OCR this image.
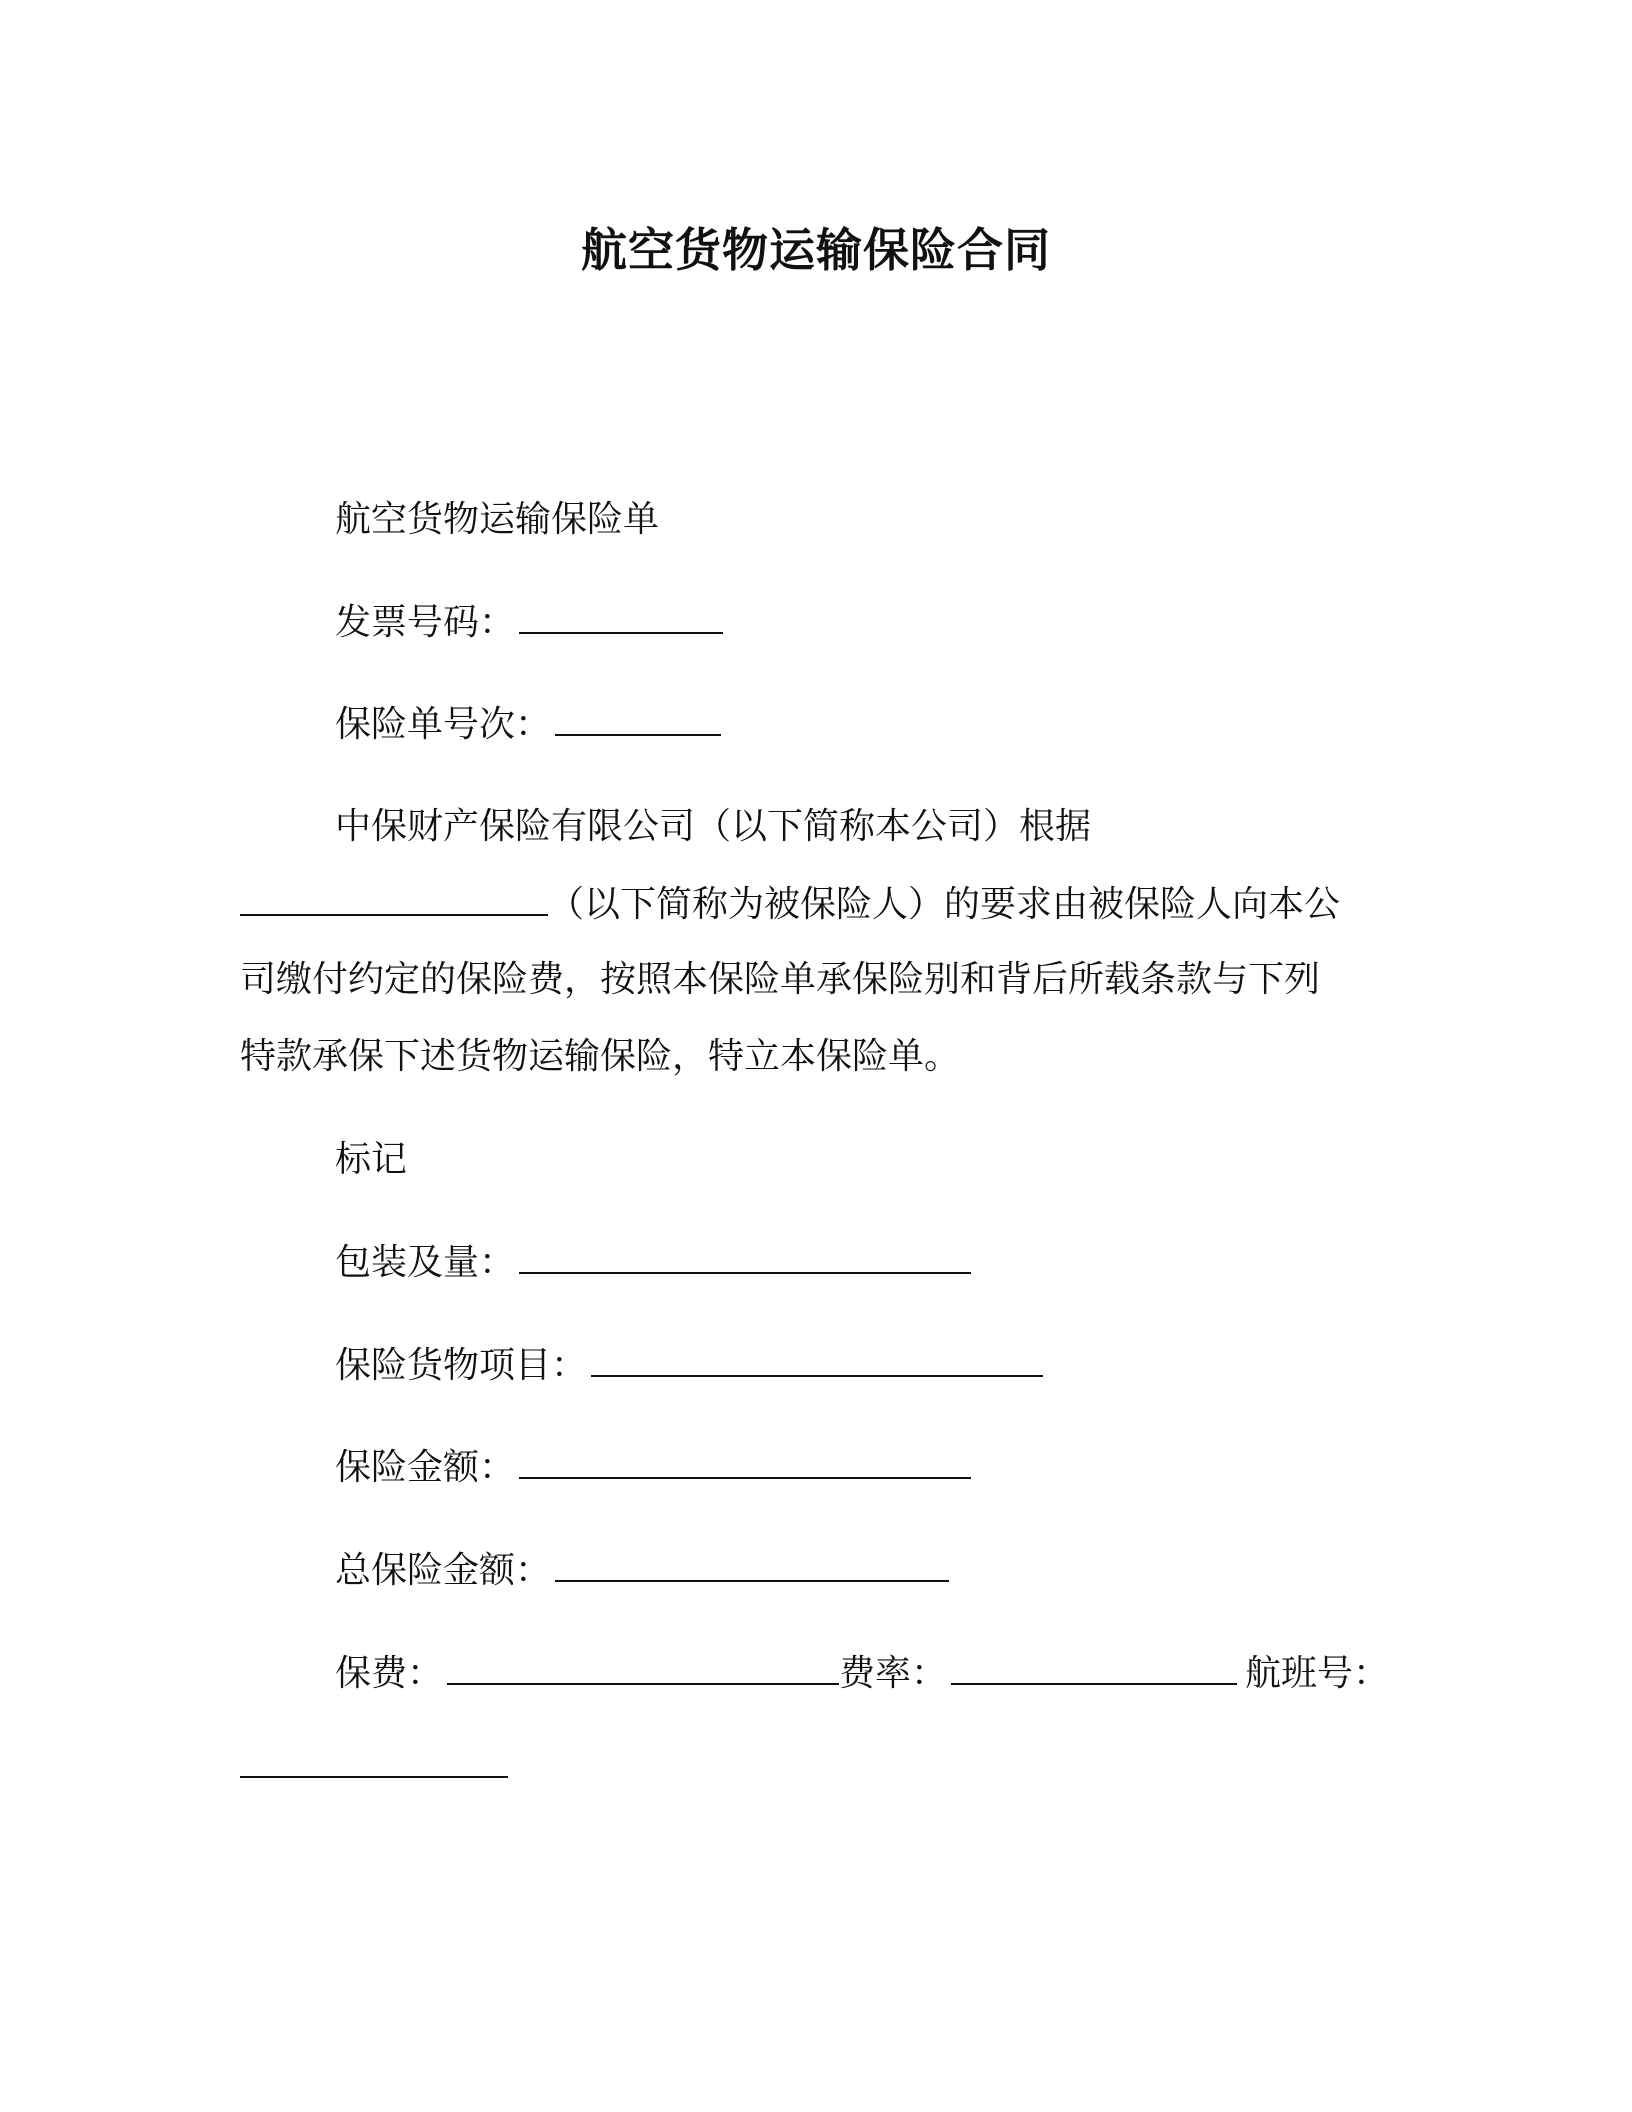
航空货物运输保险合同
航空货物运输保险单
发票号码：
保险单号次：
中保财产保险有限公司（以下简称本公司）根据
（以下简称为被保险人）的要求由被保险人向本公
司缴付约定的保险费，按照本保险单承保险别和背后所载条款与下列
特款承保下述货物运输保险，特立本保险单。
标记
包装及量：
保险货物项目：
保险金额：
总保险金额：
保费：	费率：	航班号：
